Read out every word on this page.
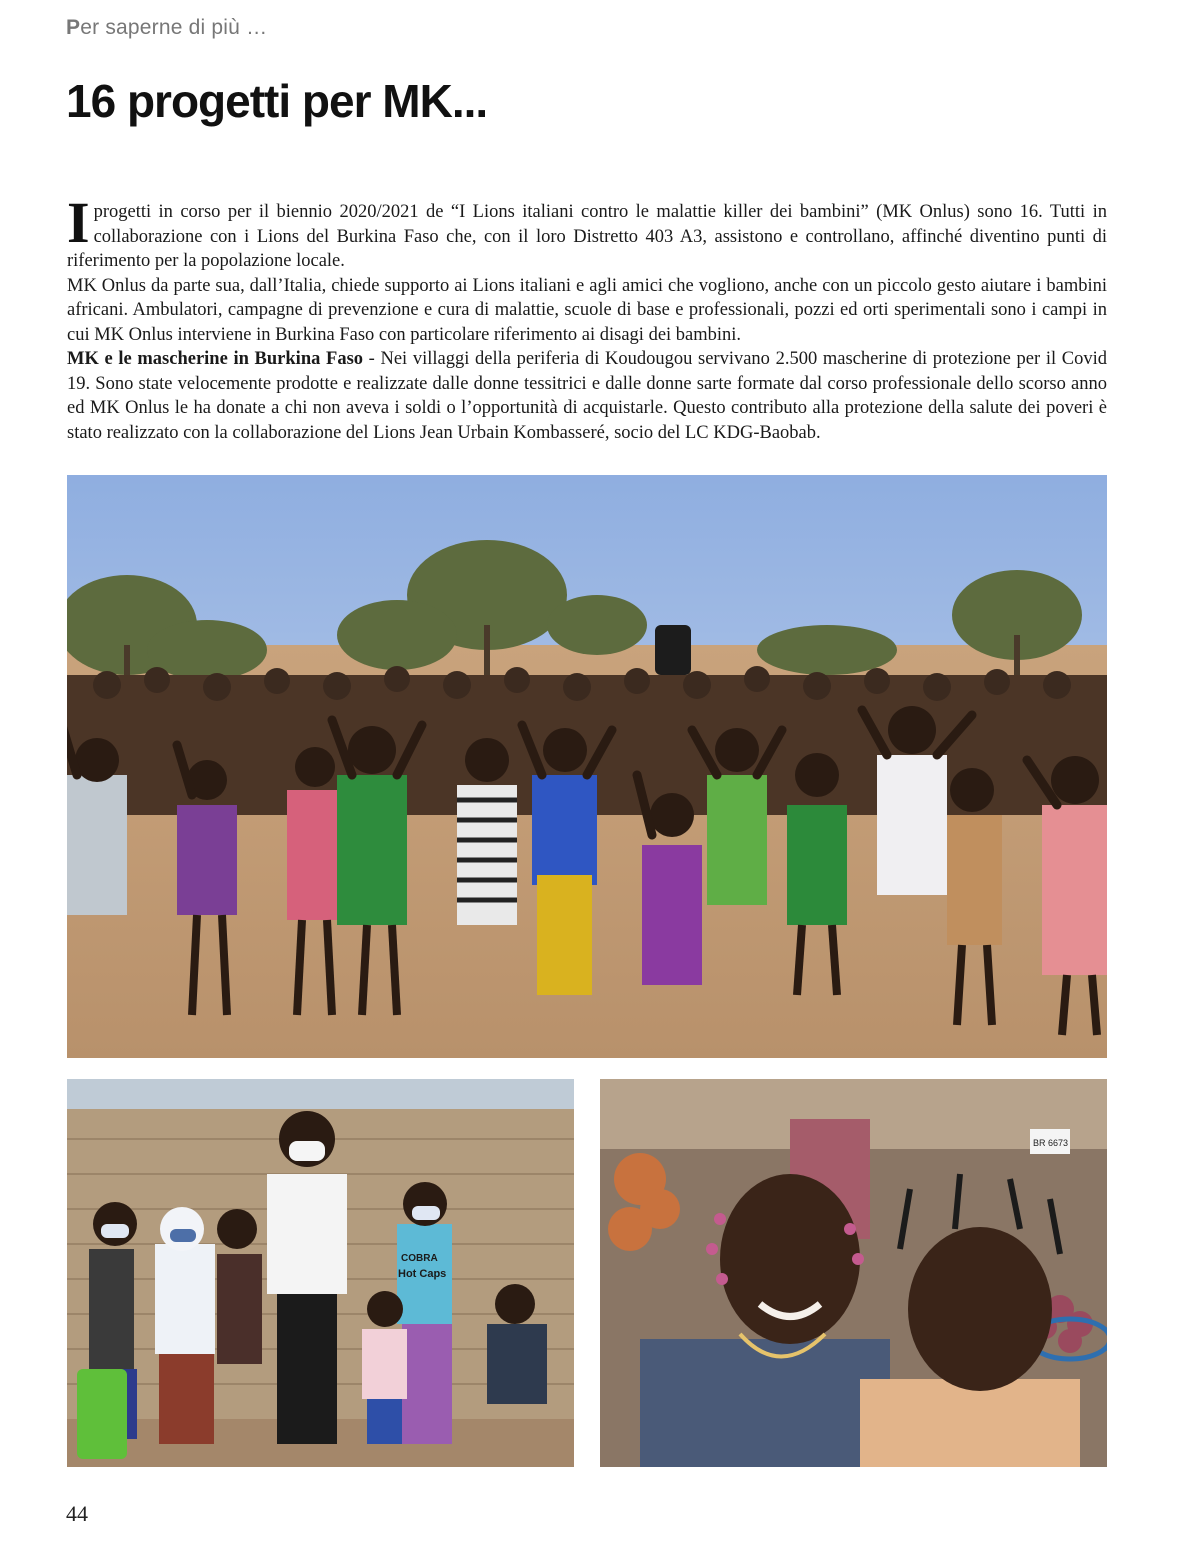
Per saperne di più …
16 progetti per MK...

Iprogetti in corso per il biennio 2020/2021 de “I Lions italiani contro le malattie killer dei bambini” (MK Onlus) sono 16. Tutti in collaborazione con i Lions del Burkina Faso che, con il loro Distretto 403 A3, assistono e controllano, affinché diventino punti di riferimento per la popolazione locale.

MK Onlus da parte sua, dall’Italia, chiede supporto ai Lions italiani e agli amici che vogliono, anche con un piccolo gesto aiutare i bambini africani. Ambulatori, campagne di prevenzione e cura di malattie, scuole di base e professionali, pozzi ed orti sperimentali sono i campi in cui MK Onlus interviene in Burkina Faso con particolare riferimento ai disagi dei bambini.

MK e le mascherine in Burkina Faso - Nei villaggi della periferia di Koudougou servivano 2.500 mascherine di protezione per il Covid 19. Sono state velocemente prodotte e realizzate dalle donne tessitrici e dalle donne sarte formate dal corso professionale dello scorso anno ed MK Onlus le ha donate a chi non aveva i soldi o l’opportunità di acquistarle. Questo contributo alla protezione della salute dei poveri è stato realizzato con la collaborazione del Lions Jean Urbain Kombasseré, socio del LC KDG-Baobab.

COBRA
Hot Caps
BR 6673
44
